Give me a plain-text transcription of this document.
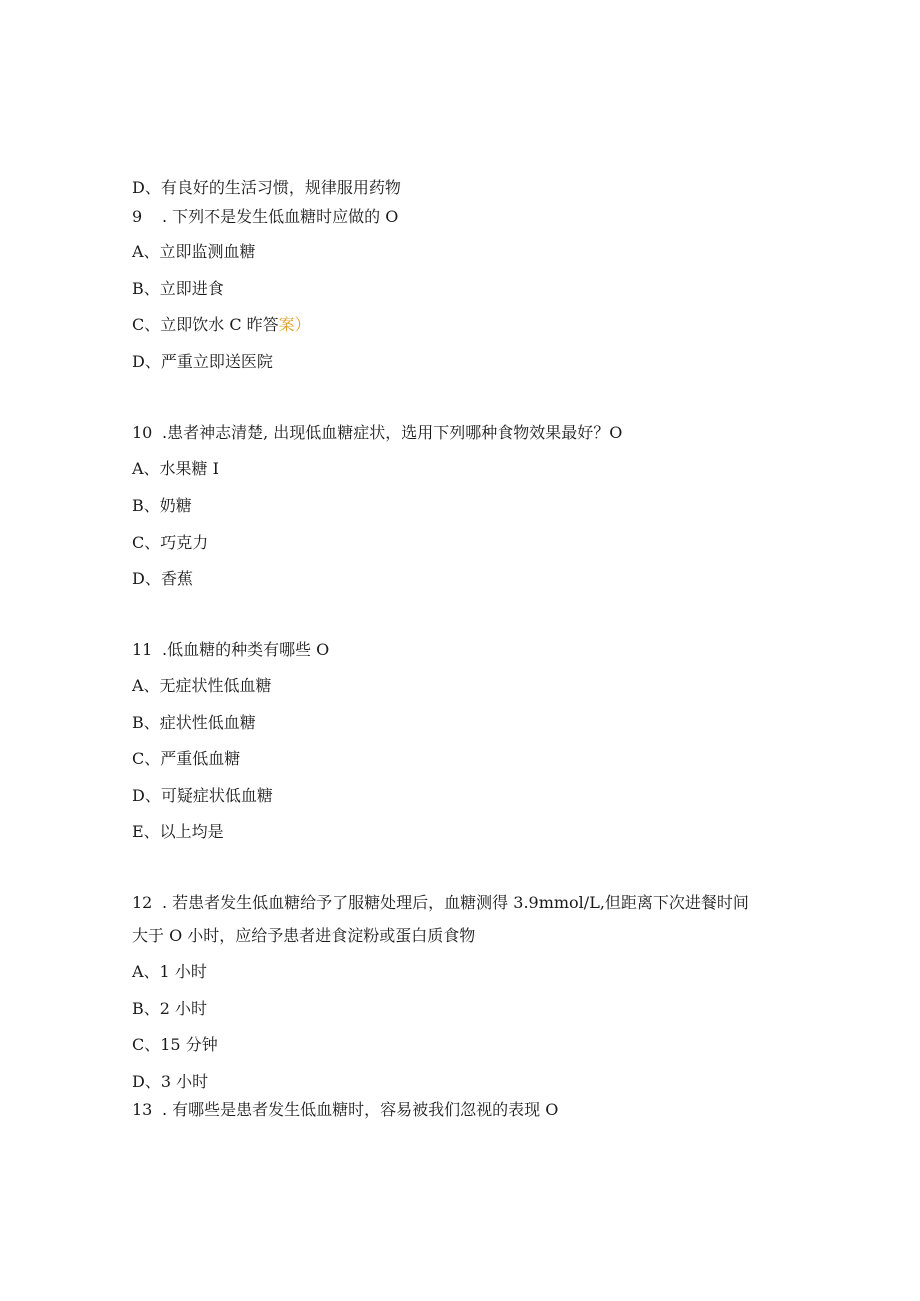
D、有良好的生活习惯，规律服用药物
9 . 下列不是发生低血糖时应做的 O
A、立即监测血糖
B、立即进食
C、立即饮水 C 昨答案）
D、严重立即送医院
10 .患者神志清楚, 出现低血糖症状，选用下列哪种食物效果最好？O
A、水果糖 I
B、奶糖
C、巧克力
D、香蕉
11 .低血糖的种类有哪些 O
A、无症状性低血糖
B、症状性低血糖
C、严重低血糖
D、可疑症状低血糖
E、以上均是
12 . 若患者发生低血糖给予了服糖处理后，血糖测得 3.9mmol/L,但距离下次进餐时间
大于 O 小时，应给予患者进食淀粉或蛋白质食物
A、1 小时
B、2 小时
C、15 分钟
D、3 小时
13 . 有哪些是患者发生低血糖时，容易被我们忽视的表现 O
